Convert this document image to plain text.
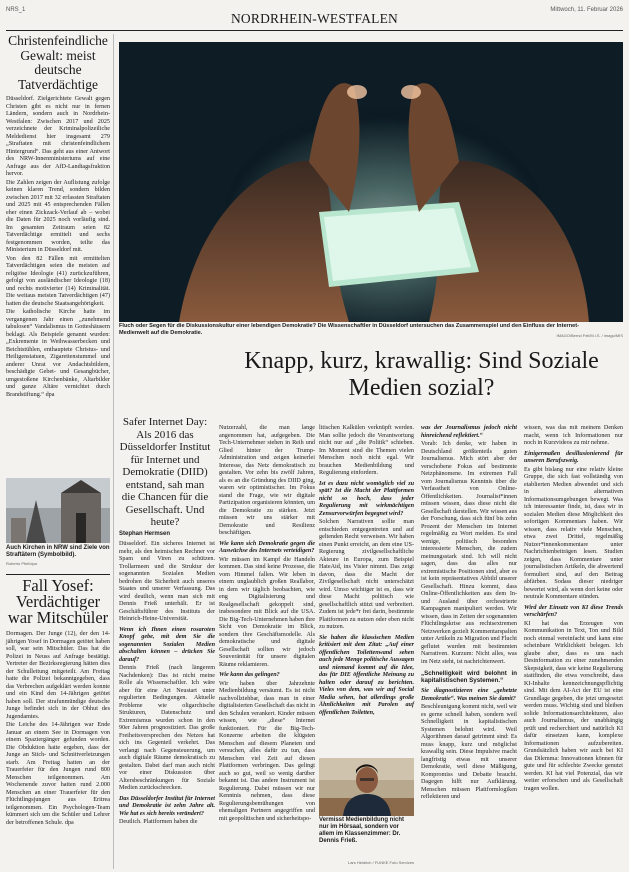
NRS_1	Mittwoch, 11. Februar 2026
NORDRHEIN-WESTFALEN
Christenfeindliche Gewalt: meist deutsche Tatverdächtige

Düsseldorf. Zielgerichtete Gewalt gegen Christen gibt es nicht nur in fernen Ländern, sondern auch in Nordrhein-Westfalen: Zwischen 2017 und 2025 verzeichnete der Kriminalpolizeiliche Meldedienst hier insgesamt 279 „Straftaten mit christenfeindlichem Hintergrund“. Das geht aus einer Antwort des NRW-Innenministeriums auf eine Anfrage aus der AfD-Landtagsfraktion hervor.

Die Zahlen zeigen der Auflistung zufolge keinen klaren Trend, sondern bilden zwischen 2017 mit 32 erfassten Straftaten und 2025 mit 45 entsprechenden Fällen eher einen Zickzack-Verlauf ab – wobei die Daten für 2025 noch vorläufig sind. Im gesamten Zeitraum seien 82 Tatverdächtige ermittelt und sechs festgenommen worden, teilte das Ministerium in Düsseldorf mit.

Von den 82 Fällen mit ermittelten Tatverdächtigen seien die meisten auf religiöse Ideologie (41) zurückzuführen, gefolgt von ausländischer Ideologie (18) und rechts motivierter (14) Kriminalität. Die weitaus meisten Tatverdächtigen (47) hatten die deutsche Staatsangehörigkeit.

Die katholische Kirche hatte im vergangenen Jahr einen „zunehmend tabulosen“ Vandalismus in Gotteshäusern beklagt. Als Beispiele genannt wurden: „Exkremente in Weihwasserbecken und Beichtstühlen, enthauptete Christus- und Heiligenstatuen, Zigarettenstummel und anderer Unrat vor Andachtsbildern, beschädigte Gebet- und Gesangbücher, umgestoßene Kirchenbänke, Altarbilder und ganze Altäre vernichtet durch Brandstiftung.“ dpa

Auch Kirchen in NRW sind Ziele von Straftätern (Symbolbild).
Roberto Pfeil/dpa
Fall Yosef: Verdächtiger war Mitschüler

Dormagen. Der Junge (12), der den 14-jährigen Yosef in Dormagen getötet haben soll, war sein Mitschüler. Das hat die Polizei in Neuss auf Anfrage bestätigt. Vertreter der Bezirksregierung hätten dies der Schulleitung mitgeteilt. Am Freitag hatte die Polizei bekanntgegeben, dass das Verbrechen aufgeklärt werden konnte und ein Kind den 14-Jährigen getötet haben soll. Der strafunmündige deutsche Junge befindet sich in der Obhut des Jugendamtes.

Die Leiche des 14-Jährigen war Ende Januar an einem See in Dormagen von einem Spaziergänger gefunden worden. Die Obduktion hatte ergeben, dass der Junge an Stich- und Schnittverletzungen starb. Am Freitag hatten an der Trauerfeier für den Jungen rund 800 Menschen teilgenommen. Am Wochenende zuvor hatten rund 2.000 Menschen an einer Trauerfeier für den Flüchtlingsjungen aus Eritrea teilgenommen. Ein Psychologen-Team kümmert sich um die Schüler und Lehrer der betroffenen Schule. dpa

Fluch oder Segen für die Diskussionskultur einer lebendigen Demokratie? Die Wissenschaftler in Düsseldorf untersuchen das Zusammenspiel und den Einfluss der Internet-Medienwelt auf die Demokratie.	IMAGO/Bernd Feil/M.i.S. / imago/MIS
Knapp, kurz, krawallig: Sind Soziale Medien sozial?
Safer Internet Day: Als 2016 das Düsseldorfer Institut für Internet und Demokratie (DIID) entstand, sah man die Chancen für die Gesellschaft. Und heute?
Stephan Hermsen

Düsseldorf. Ein sicheres Internet ist mehr, als den heimischen Rechner vor Spam und Viren zu schützen. Trollarmeen und die Struktur der sogenannten Sozialen Medien bedrohen die Sicherheit auch unseres Staates und unserer Verfassung. Das wird deutlich, wenn man sich mit Dennis Frieß unterhält. Er ist Geschäftsführer des Instituts der Heinrich-Heine-Universität.

Wenn ich Ihnen einen rosaroten Knopf gebe, mit dem Sie die sogenannten Sozialen Medien abschalten können – drücken Sie darauf?

Dennis Frieß (nach längerem Nachdenken): Das ist nicht meine Rolle als Wissenschaftler. Ich wäre aber für eine Art Neustart unter regulierten Bedingungen. Aktuelle Probleme wie oligarchische Strukturen, Datenschutz und Extremismus wurden schon in den 90er Jahren prognostiziert. Das große Freiheitsversprechen des Netzes hat sich ins Gegenteil verkehrt. Das verlangt nach Gegensteuerung, um auch digitale Räume demokratisch zu gestalten. Dabei darf man auch nicht vor einer Diskussion über Altersbeschränkungen für Soziale Medien zurückschrecken.

Das Düsseldorfer Institut für Internet und Demokratie ist zehn Jahre alt. Wie hat es sich bereits verändert?

Deutlich. Plattformen haben die

Nutzerzahl, die man lange angenommen hat, aufgegeben. Die Tech-Unternehmer stehen in Reih und Glied hinter der Trump-Administration und zeigen keinerlei Interesse, das Netz demokratisch zu gestalten. Vor zehn bis zwölf Jahren, als es an die Gründung des DIID ging, waren wir optimistischer. Im Fokus stand die Frage, wie wir digitale Partizipation organisieren könnten, um die Demokratie zu stärken. Jetzt müssen wir uns stärker mit Demokratie und Resilienz beschäftigen.

Wie kann sich Demokratie gegen die Auswüchse des Internets verteidigen?

Wir müssen im Kampf die Handeln kommen. Das sind keine Prozesse, die vom Himmel fallen. Wir leben in einem unglaublich großen Reallabor, in dem wir täglich beobachten, wie eng Digitalisierung und Realgesellschaft gekoppelt sind, insbesondere mit Blick auf die USA. Die Big-Tech-Unternehmen haben ihre Sicht von Demokratie im Blick, sondern ihre Geschäftsmodelle. Als demokratische und digitale Gesellschaft sollten wir jedoch Souveränität für unsere digitalen Räume reklamieren.

Wie kann das gelingen?

Wir haben über Jahrzehnte Medienbildung versäumt. Es ist nicht nachvollziehbar, dass man in einer digitalisierten Gesellschaft das nicht in den Schulen verankert. Kinder müssen wissen, wie „diese“ Internet funktioniert. Für die Big-Tech-Konzerne arbeiten die klügsten Menschen auf diesem Planeten und versuchen, alles dafür zu tun, dass Menschen viel Zeit auf diesen Plattformen verbringen. Das gelingt auch so gut, weil so wenig darüber bekannt ist. Das andere Instrument ist Regulierung. Dabei müssen wir nur Kenntnis nehmen, dass diese Regulierungsbemühungen von ehemaligen Partnern angegriffen und mit geopolitischen und sicherheitspo-

litischen Kalkülen verknüpft werden. Man sollte jedoch die Verantwortung nicht nur auf „die Politik“ schieben. Im Moment sind die Themen vielen Menschen noch nicht egal. Wir brauchen Medienbildung und Regulierung einfordern.

Ist es dazu nicht womöglich viel zu spät? Ist die Macht der Plattformen nicht so hoch, dass jeder Regulierung mit wirkmächtigen Zensurvorwürfen begegnet wird?

Solchen Narrativen sollte man entschieden entgegentreten und auf geltenden Recht verweisen. Wir haben einen Punkt erreicht, an dem eine US-Regierung zivilgesellschaftliche Akteure in Europa, zum Beispiel HateAid, ins Visier nimmt. Das zeigt davon, dass die Macht der Zivilgesellschaft nicht unterschätzt wird. Umso wichtiger ist es, dass wir diese Macht politisch wie gesellschaftlich stützt und verbreitert. Zudem ist jede*r frei darin, bestimmte Plattformen zu nutzen oder eben nicht zu nutzen.

Sie haben die klassischen Medien kritisiert mit dem Zitat: „Auf einer öffentlichen Toilettenwand sehen auch jede Menge politische Aussagen und niemand kommt auf die Idee, das für DIE öffentliche Meinung zu halten oder darauf zu berichten. Vieles von dem, was wir auf Social Media sehen, hat allerdings große Ähnlichkeiten mit Parolen auf öffentlichen Toiletten,

Vermisst Medienbildung nicht nur im Hörsaal, sondern vor allem im Klassenzimmer: Dr. Dennis Frieß.
Lars Heidrich / FUNKE Foto Services

was der Journalismus jedoch nicht hinreichend reflektiert.“

Vorab: Ich denke, wir haben in Deutschland größtenteils guten Journalismus. Mich stört aber der verschobene Fokus auf bestimmte Netzphänomene. Im extremen Fall vom Journalismus Kenntnis über die Verfasstheit von Online-Öffentlichkeiten. Journalist*innen müssen wissen, dass diese nicht die Gesellschaft darstellen. Wir wissen aus der Forschung, dass sich fünf bis zehn Prozent der Menschen im Internet regelmäßig zu Wort melden. Es sind wenige, politisch besonders interessierte Menschen, die zudem meinungsstark sind. Ich will nicht sagen, dass das alles nur extremistische Positionen sind, aber es ist kein repräsentatives Abbild unserer Gesellschaft. Hinzu kommt, dass Online-Öffentlichkeiten aus dem In- und Ausland über orchestrierte Kampagnen manipuliert werden. Wir wissen, dass in Zeiten der sogenannten Flüchtlingskrise aus rechtsextremen Netzwerken gezielt Kommentarspalten unter Artikeln zu Migration und Flucht geflutet wurden mit bestimmten Narrativen. Kurzum: Nicht alles, was im Netz steht, ist nachrichtenwert.

„Schnelligkeit wird belohnt in kapitalistischen Systemen.“

Sie diagnostizieren eine „gehetzte Demokratie“. Was meinen Sie damit?

Beschleunigung kommt nicht, weil wir es gerne schnell haben, sondern weil Schnelligkeit in kapitalistischen Systemen belohnt wird. Weil Algorithmen darauf getrimmt sind: Es muss knapp, kurz und möglichst krawallig sein. Diese Impulsive macht langfristig etwas mit unserer Demokratie, weil diese Mäßigung, Kompromiss und Debatte braucht. Dagegen hilft nur Aufklärung. Menschen müssen Plattformlogiken reflektieren und

wissen, was das mit meinem Denken macht, wenn ich Informationen nur noch in Kurzvideos zu mir nehme.

Einigermaßen desillusionierend für unseren Berufszweig.

Es gibt bislang nur eine relativ kleine Gruppe, die sich fast vollständig von etablierten Medien abwendet und sich in alternativen Informationsumgebungen bewegt. Was ich interessanter finde, ist, dass wir in sozialen Medien diese Möglichkeit des sofortigen Kommentars haben. Wir wissen, dass relativ viele Menschen, etwa zwei Drittel, regelmäßig Nutzer*innenkommentare unter Nachrichtenbeiträgen lesen. Studien zeigen, dass Kommentare unter journalistischen Artikeln, die abwertend formuliert sind, auf den Beitrag abfärben. Sodass dieser niedriger bewertet wird, als wenn dort keine oder neutrale Kommentare stünden.

Wird der Einsatz von KI diese Trends verschärfen?

KI hat das Erzeugen von Kommunikation in Text, Ton und Bild noch einmal vereinfacht und kann eine scheinbare Wirklichkeit belegen. Ich glaube aber, dass es uns nach Desinformation zu einer zunehmenden Skepsigkeit, dass wir keine Regulierung stattfinden, die etwa vorschreibt, dass KI-Inhalte kennzeichnungspflichtig sind. Mit dem AI-Act der EU ist eine Grundlage gegeben, die jetzt umgesetzt werden muss. Wichtig sind und bleiben solide Informationsarchitekturen, also auch Journalismus, der unabhängig prüft und recherchiert und natürlich KI dafür einsetzen kann, komplexe Informationen aufzubereiten. Grundsätzlich haben wir auch bei KI das Dilemma: Innovationen können für gute und für schlechte Zwecke genutzt werden. KI hat viel Potenzial, das wir weiter erforschen und als Gesellschaft tragen wollen.
